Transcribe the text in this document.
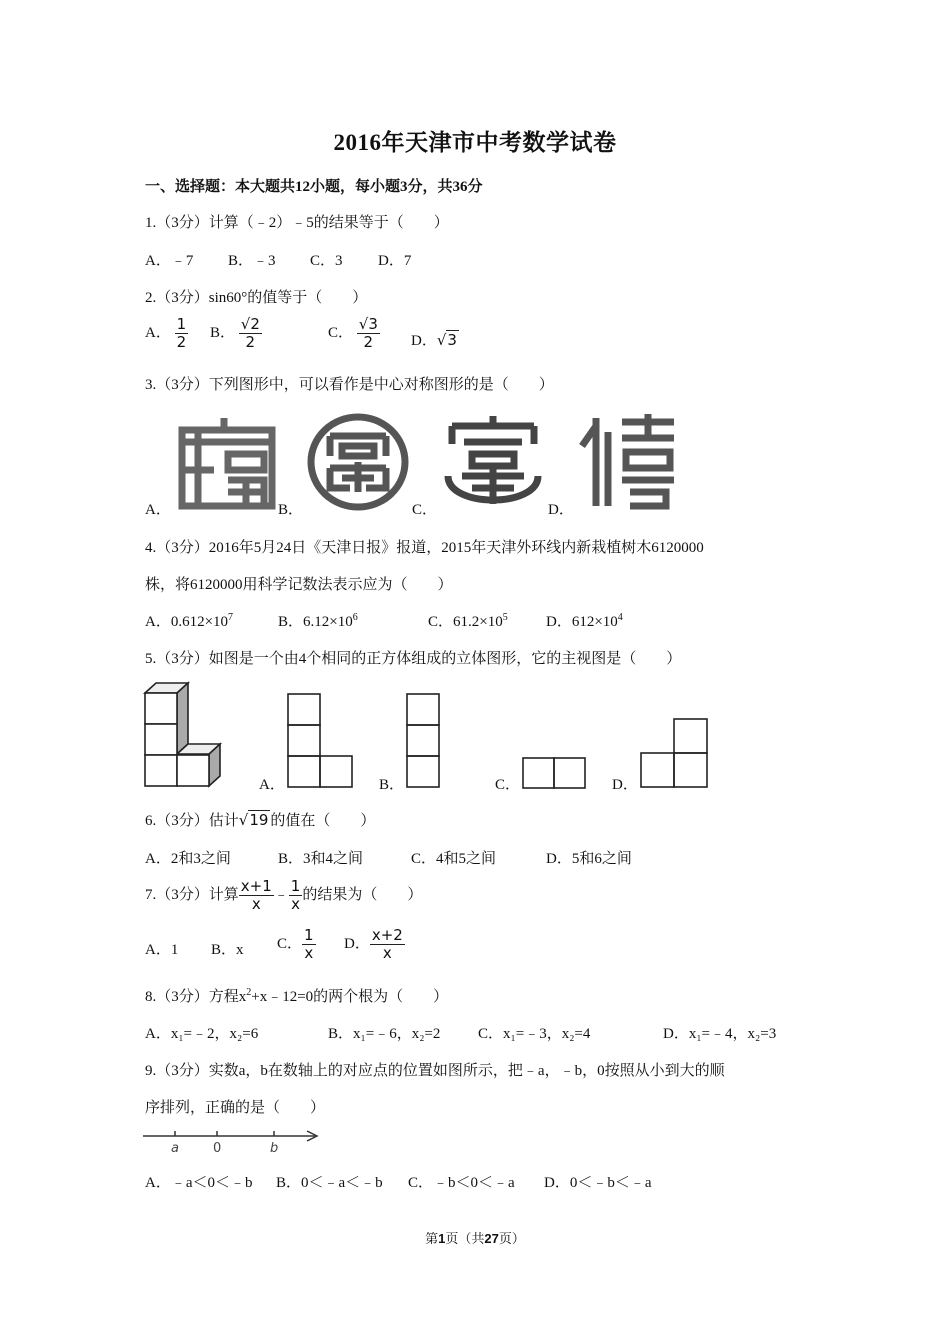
2016年天津市中考数学试卷
一、选择题：本大题共12小题，每小题3分，共36分
1.（3分）计算（﹣2）﹣5的结果等于（　　）
A．﹣7 B．﹣3 C．3 D．7
2.（3分）sin60°的值等于（　　）
A． $\frac{1}{2}$ B． $\frac{√2}{2}$	C． $\frac{√3}{2}$ D．√3
3.（3分）下列图形中，可以看作是中心对称图形的是（　　）
A．	B．	C．	D．
4.（3分）2016年5月24日《天津日报》报道，2015年天津外环线内新栽植树木6120000
株，将6120000用科学记数法表示应为（　　）
A．$0.612\times 10^7$	B．$6.12\times 10^6$	C．$61.2\times 10^5$	D．$612\times 10^4$
5.（3分）如图是一个由4个相同的正方体组成的立体图形，它的主视图是（　　）
A．	B．	C．	D．
6.（3分）估计√19 的值在（　　）
A．2和3之间	B．3和4之间	C．4和5之间	D．5和6之间
7.（3分）计算 $\frac{x+1}{x}$ ﹣ $\frac{1}{x}$ 的结果为（　　）
A．1 B．x C． $\frac{1}{x}$ D． $\frac{x+2}{x}$
8.（3分）方程$x^2+x﹣12=0$的两个根为（　　）
A．x₁=﹣2，x₂=6	B．x₁=﹣6，x₂=2	C．x₁=﹣3，x₂=4	D．x₁=﹣4，x₂=3
9.（3分）实数a，b在数轴上的对应点的位置如图所示，把﹣a，﹣b，0按照从小到大的顺
序排列，正确的是（　　）
a	0	b
A．﹣a＜0＜﹣b B．0＜﹣a＜﹣b C．﹣b＜0＜﹣a D．0＜﹣b＜﹣a
第1页（共27页）
